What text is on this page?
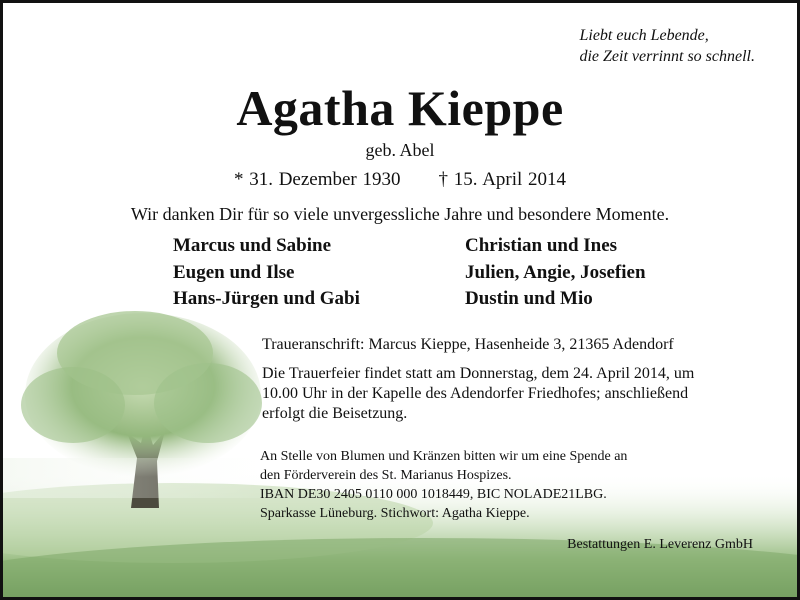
Liebt euch Lebende,
die Zeit verrinnt so schnell.
Agatha Kieppe
geb. Abel
* 31. Dezember 1930 † 15. April 2014
Wir danken Dir für so viele unvergessliche Jahre und besondere Momente.
Marcus und Sabine
Eugen und Ilse
Hans-Jürgen und Gabi
Christian und Ines
Julien, Angie, Josefien
Dustin und Mio
Traueranschrift: Marcus Kieppe, Hasenheide 3, 21365 Adendorf
Die Trauerfeier findet statt am Donnerstag, dem 24. April 2014, um
10.00 Uhr in der Kapelle des Adendorfer Friedhofes; anschließend
erfolgt die Beisetzung.
An Stelle von Blumen und Kränzen bitten wir um eine Spende an
den Förderverein des St. Marianus Hospizes.
IBAN DE30 2405 0110 000 1018449, BIC NOLADE21LBG.
Sparkasse Lüneburg. Stichwort: Agatha Kieppe.
Bestattungen E. Leverenz GmbH
